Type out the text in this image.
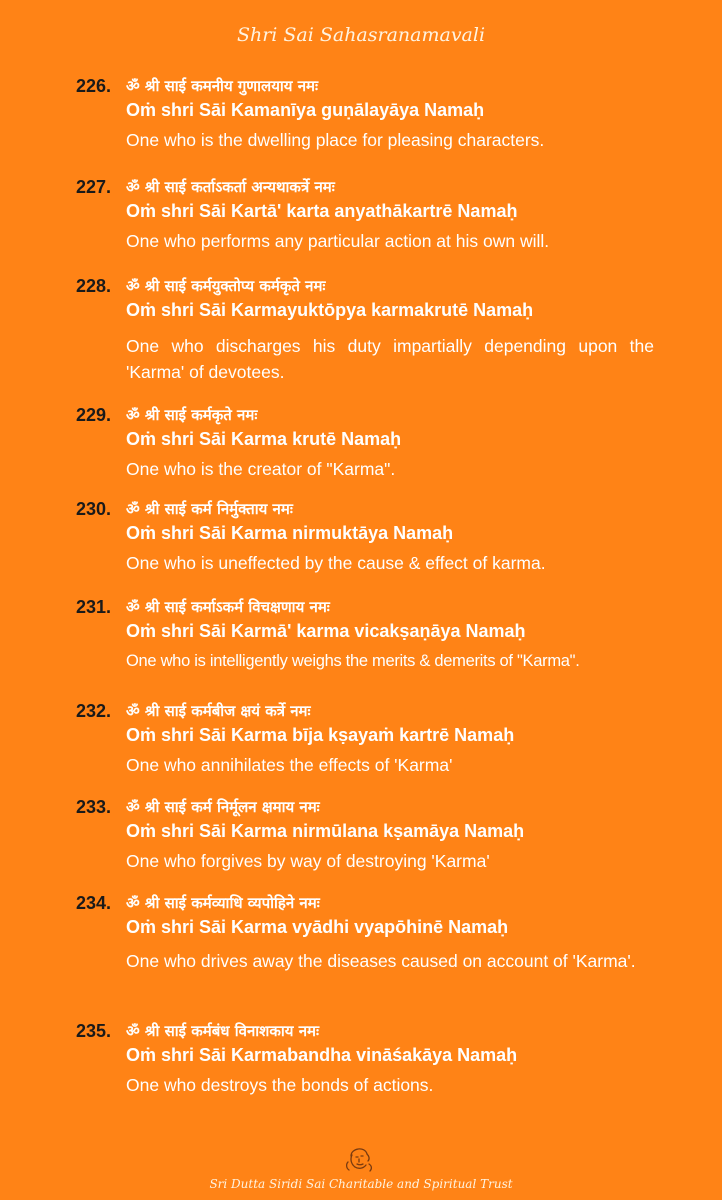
Shri Sai Sahasranamavali
226. ॐ श्री साई कमनीय गुणालयाय नमः
Oṁ shri Sāi Kamanīya guṇālayāya Namaḥ
One who is the dwelling place for pleasing characters.
227. ॐ श्री साई कर्ताऽकर्ता अन्यथाकर्त्रे नमः
Oṁ shri Sāi Kartā' karta anyathākartrē Namaḥ
One who performs any particular action at his own will.
228. ॐ श्री साई कर्मयुक्तोप्य कर्मकृते नमः
Oṁ shri Sāi Karmayuktōpya karmakrutē Namaḥ
One who discharges his duty impartially depending upon the 'Karma' of devotees.
229. ॐ श्री साई कर्मकृते नमः
Oṁ shri Sāi Karma krutē Namaḥ
One who is the creator of "Karma".
230. ॐ श्री साई कर्म निर्मुक्ताय नमः
Oṁ shri Sāi Karma nirmuktāya Namaḥ
One who is uneffected by the cause & effect of karma.
231. ॐ श्री साई कर्माऽकर्म विचक्षणाय नमः
Oṁ shri Sāi Karmā' karma vicakṣaṇāya Namaḥ
One who is intelligently weighs the merits & demerits of "Karma".
232. ॐ श्री साई कर्मबीज क्षयं कर्त्रे नमः
Oṁ shri Sāi Karma bīja kṣayaṁ kartrē Namaḥ
One who annihilates the effects of 'Karma'
233. ॐ श्री साई कर्म निर्मूलन क्षमाय नमः
Oṁ shri Sāi Karma nirmūlana kṣamāya Namaḥ
One who forgives by way of destroying 'Karma'
234. ॐ श्री साई कर्मव्याधि व्यपोहिने नमः
Oṁ shri Sāi Karma vyādhi vyapōhinē Namaḥ
One who drives away the diseases caused on account of 'Karma'.
235. ॐ श्री साई कर्मबंध विनाशकाय नमः
Oṁ shri Sāi Karmabandha vināśakāya Namaḥ
One who destroys the bonds of actions.
Sri Dutta Siridi Sai Charitable and Spiritual Trust
